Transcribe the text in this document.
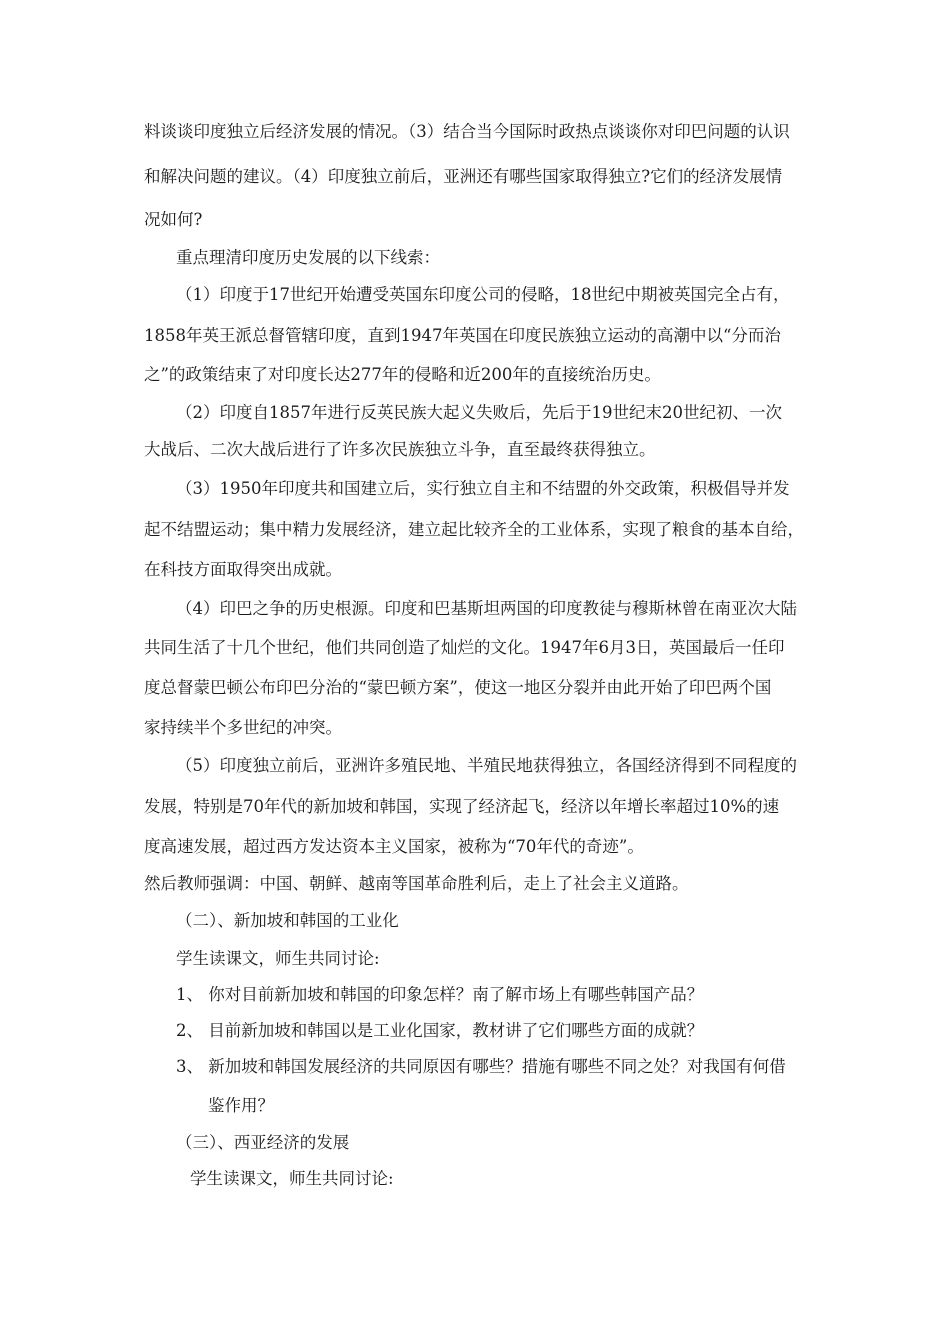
料谈谈印度独立后经济发展的情况。（3）结合当今国际时政热点谈谈你对印巴问题的认识
和解决问题的建议。（4）印度独立前后，亚洲还有哪些国家取得独立?它们的经济发展情
况如何?
重点理清印度历史发展的以下线索：
（1）印度于17世纪开始遭受英国东印度公司的侵略，18世纪中期被英国完全占有，
1858年英王派总督管辖印度，直到1947年英国在印度民族独立运动的高潮中以“分而治
之”的政策结束了对印度长达277年的侵略和近200年的直接统治历史。
（2）印度自1857年进行反英民族大起义失败后，先后于19世纪末20世纪初、一次
大战后、二次大战后进行了许多次民族独立斗争，直至最终获得独立。
（3）1950年印度共和国建立后，实行独立自主和不结盟的外交政策，积极倡导并发
起不结盟运动；集中精力发展经济，建立起比较齐全的工业体系，实现了粮食的基本自给，
在科技方面取得突出成就。
（4）印巴之争的历史根源。印度和巴基斯坦两国的印度教徒与穆斯林曾在南亚次大陆
共同生活了十几个世纪，他们共同创造了灿烂的文化。1947年6月3日，英国最后一任印
度总督蒙巴顿公布印巴分治的“蒙巴顿方案”，使这一地区分裂并由此开始了印巴两个国
家持续半个多世纪的冲突。
（5）印度独立前后，亚洲许多殖民地、半殖民地获得独立，各国经济得到不同程度的
发展，特别是70年代的新加坡和韩国，实现了经济起飞，经济以年增长率超过10%的速
度高速发展，超过西方发达资本主义国家，被称为“70年代的奇迹”。
然后教师强调：中国、朝鲜、越南等国革命胜利后，走上了社会主义道路。
（二）、新加坡和韩国的工业化
学生读课文，师生共同讨论:
1、 你对目前新加坡和韩国的印象怎样？南了解市场上有哪些韩国产品？
2、 目前新加坡和韩国以是工业化国家，教材讲了它们哪些方面的成就？
3、 新加坡和韩国发展经济的共同原因有哪些？措施有哪些不同之处？对我国有何借
鉴作用？
（三）、西亚经济的发展
学生读课文，师生共同讨论:
